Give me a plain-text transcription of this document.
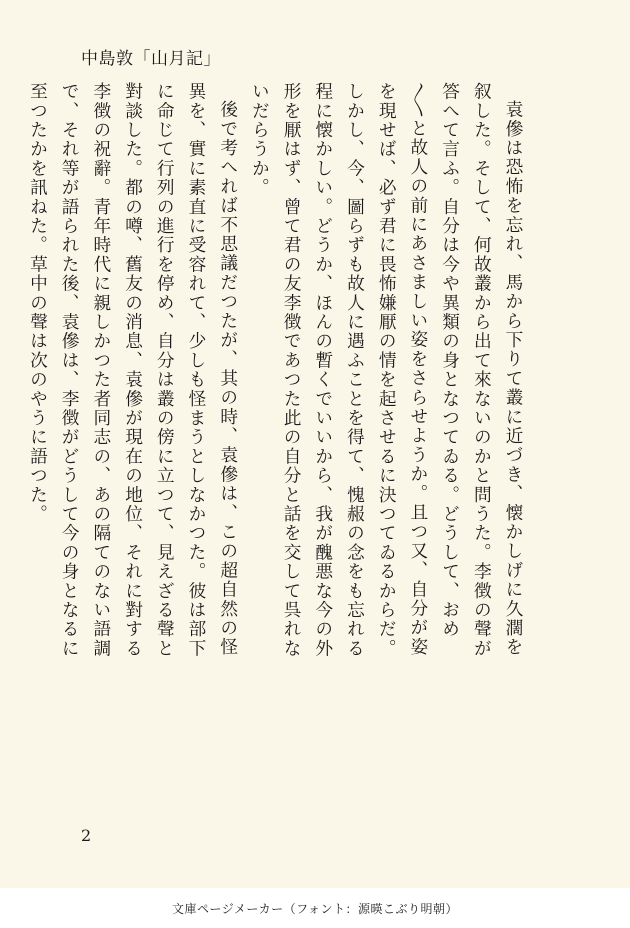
中島敦「山月記」

袁傪は恐怖を忘れ、馬から下りて叢に近づき、懐かしげに久濶を叙した。そして、何故叢から出て來ないのかと問うた。李徴の聲が答へて言ふ。自分は今や異類の身となつてゐる。どうして、おめ〳〵と故人の前にあさましい姿をさらせようか。且つ又、自分が姿を現せば、必ず君に畏怖嫌厭の情を起させるに決つてゐるからだ。しかし、今、圖らずも故人に遇ふことを得て、愧赧の念をも忘れる程に懐かしい。どうか、ほんの暫くでいいから、我が醜悪な今の外形を厭はず、曾て君の友李徴であつた此の自分と話を交して呉れないだらうか。

後で考へれば不思議だつたが、其の時、袁傪は、この超自然の怪異を、實に素直に受容れて、少しも怪まうとしなかつた。彼は部下に命じて行列の進行を停め、自分は叢の傍に立つて、見えざる聲と對談した。都の噂、舊友の消息、袁傪が現在の地位、それに對する李徴の祝辭。青年時代に親しかつた者同志の、あの隔てのない語調で、それ等が語られた後、袁傪は、李徴がどうして今の身となるに至つたかを訊ねた。草中の聲は次のやうに語つた。

2
文庫ページメーカー（フォント：源暎こぶり明朝）
